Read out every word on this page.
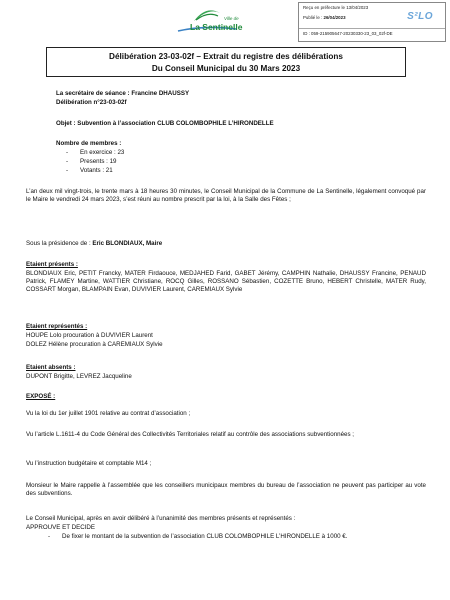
Ville de
La Sentinelle
Reçu en préfecture le 13/04/2023
Publié le : 26/04/2023	S²LO
ID : 059-215905647-20230330-23_03_02f-DE
Délibération 23-03-02f – Extrait du registre des délibérations
Du Conseil Municipal du 30 Mars 2023
La secrétaire de séance : Francine DHAUSSY
Délibération n°23-03-02f
Objet : Subvention à l’association CLUB COLOMBOPHILE L’HIRONDELLE
Nombre de membres :
- En exercice : 23
- Presents : 19
- Votants : 21
L’an deux mil vingt-trois, le trente mars à 18 heures 30 minutes, le Conseil Municipal de la Commune de La Sentinelle, légalement convoqué par le Maire le vendredi 24 mars 2023, s’est réuni au nombre prescrit par la loi, à la Salle des Fêtes ;
Sous la présidence de : Eric BLONDIAUX, Maire
Etaient présents :
BLONDIAUX Eric, PETIT Francky, MATER Firdaouce, MEDJAHED Farid, GABET Jérémy, CAMPHIN Nathalie, DHAUSSY Francine, PENAUD Patrick, FLAMEY Martine, WATTIER Christiane, ROCQ Gilles, ROSSANO Sébastien, COZETTE Bruno, HEBERT Christelle, MATER Rudy, COSSART Morgan, BLAMPAIN Evan, DUVIVIER Laurent, CAREMIAUX Sylvie
Etaient représentés :
HOUPE Lolo procuration à DUVIVIER Laurent
DOLEZ Hélène procuration à CAREMIAUX Sylvie
Etaient absents :
DUPONT Brigitte, LEVREZ Jacqueline
EXPOSÉ :
Vu la loi du 1er juillet 1901 relative au contrat d’association ;
Vu l’article L.1611-4 du Code Général des Collectivités Territoriales relatif au contrôle des associations subventionnées ;
Vu l’instruction budgétaire et comptable M14 ;
Monsieur le Maire rappelle à l’assemblée que les conseillers municipaux membres du bureau de l’association ne peuvent pas participer au vote des subventions.
Le Conseil Municipal, après en avoir délibéré à l’unanimité des membres présents et représentés :
APPROUVE ET DECIDE
- De fixer le montant de la subvention de l’association CLUB COLOMBOPHILE L’HIRONDELLE à 1000 €.
